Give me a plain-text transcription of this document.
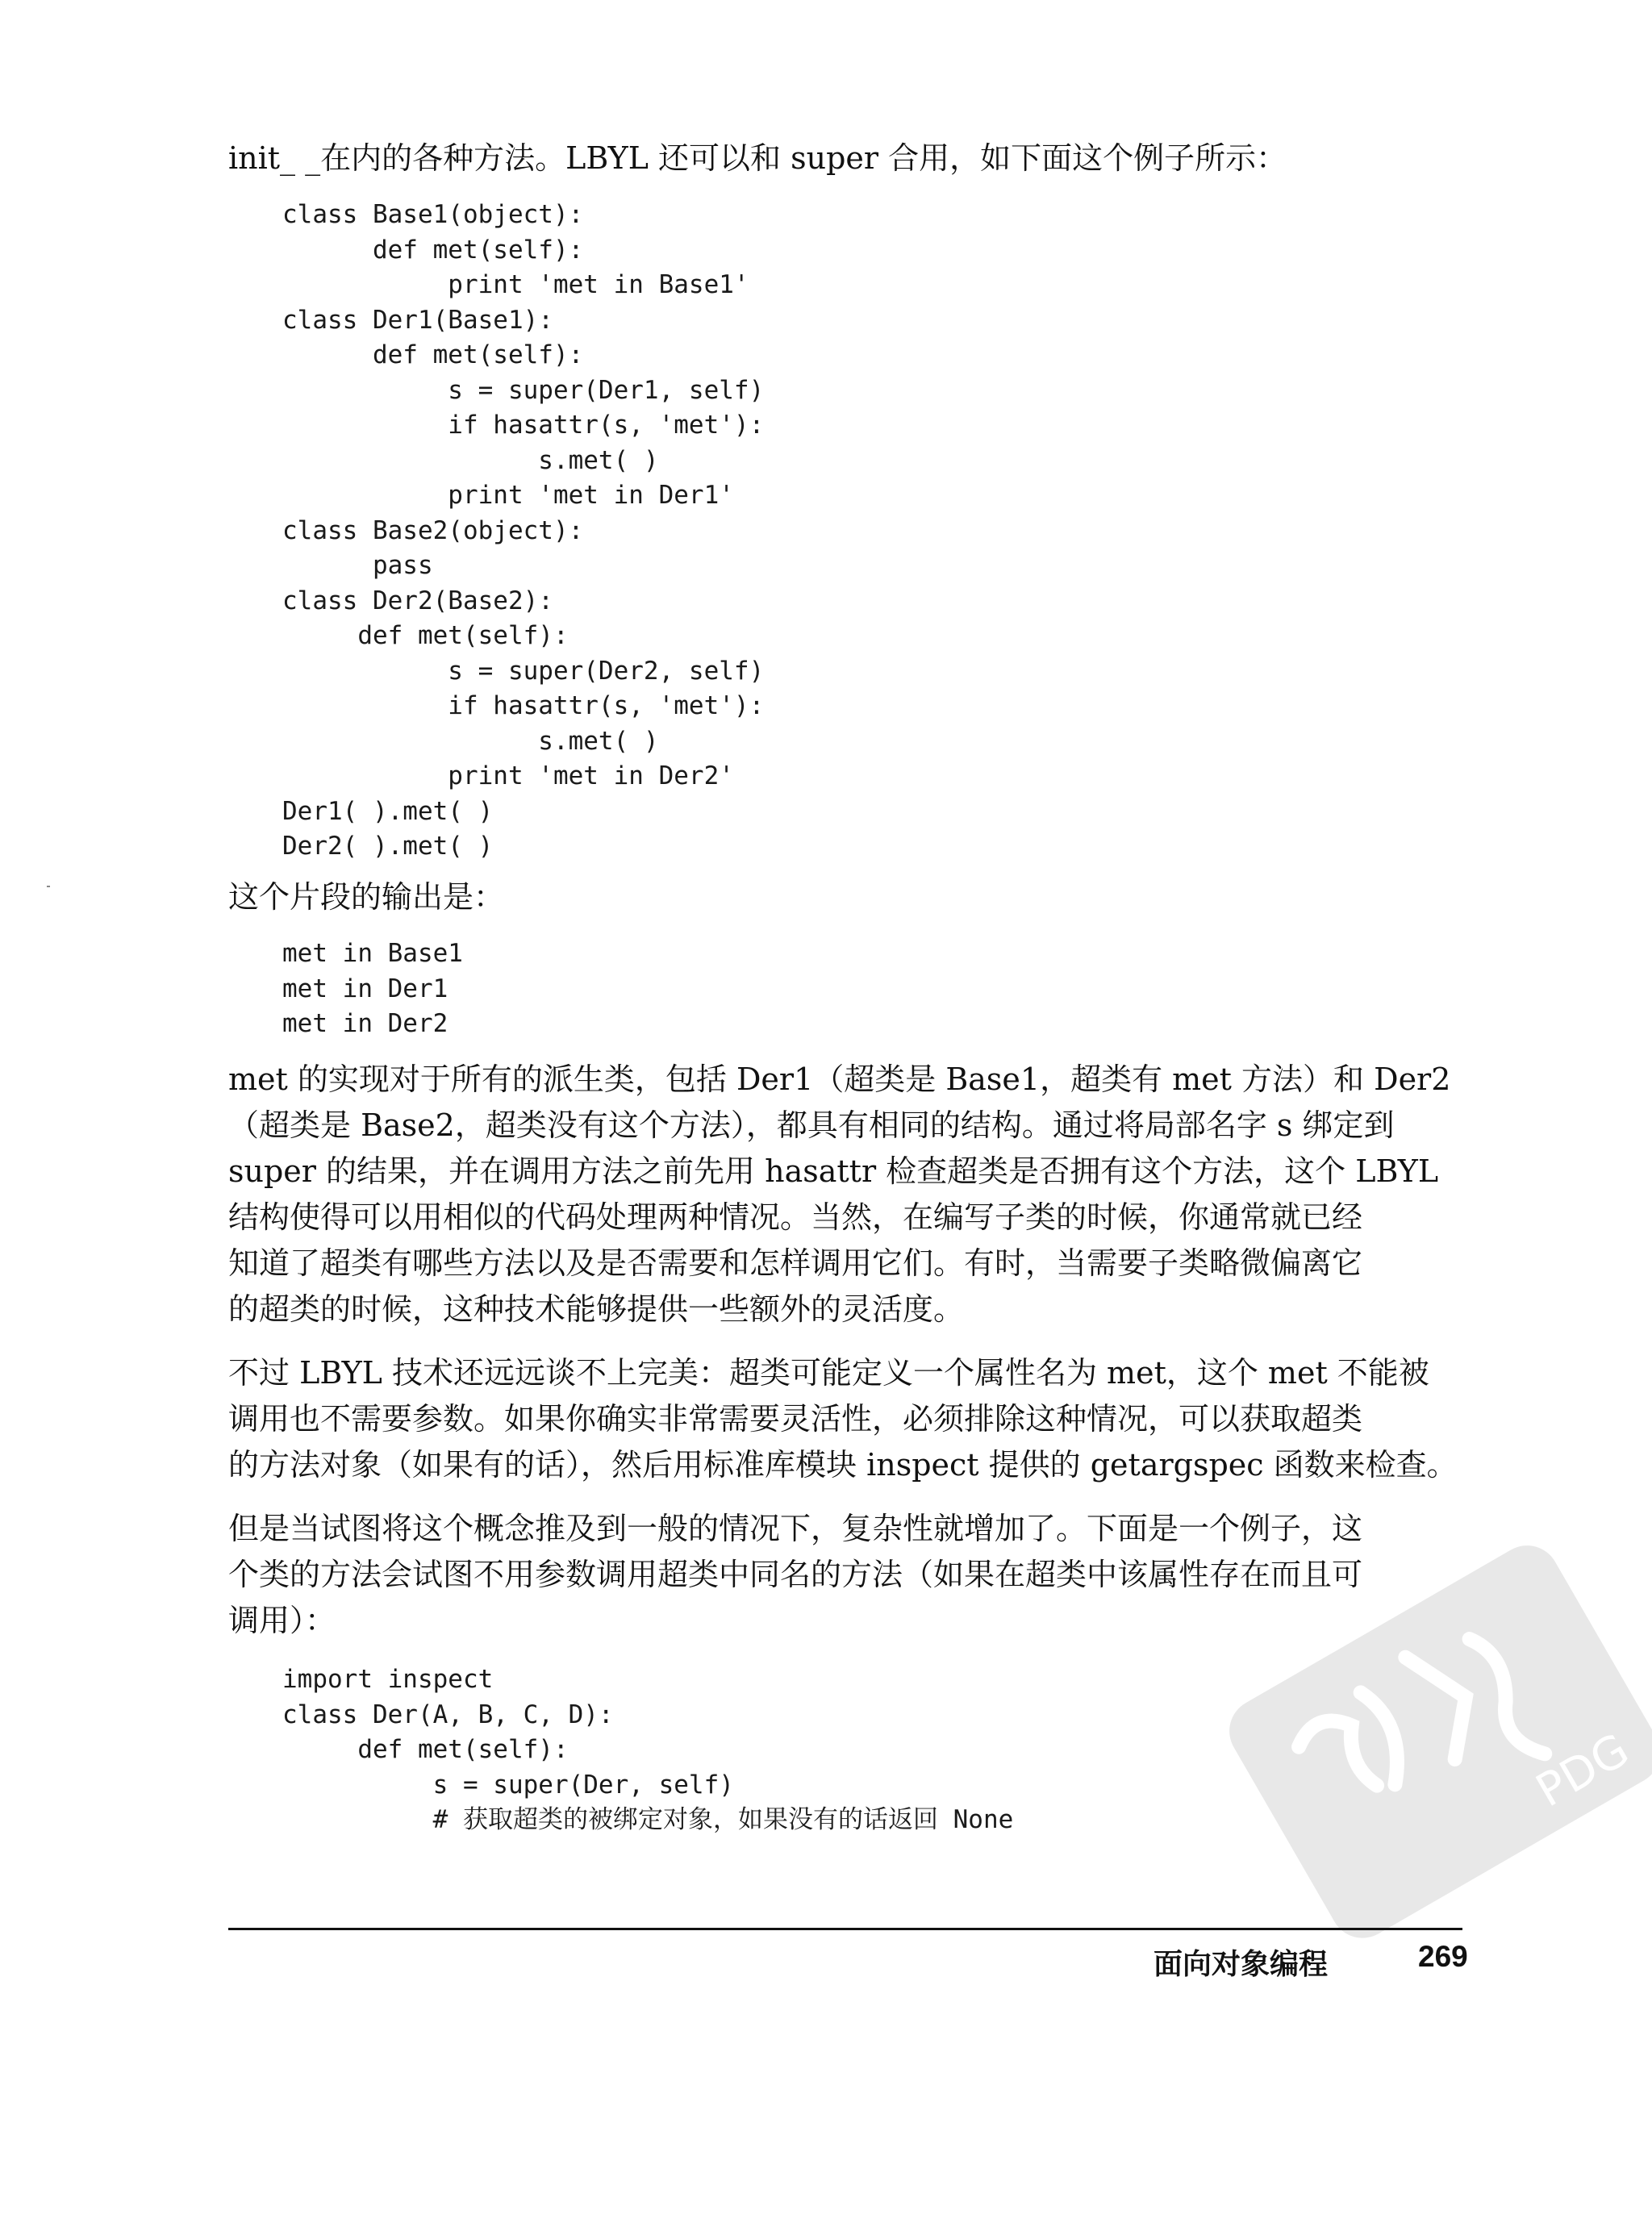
init_ _在内的各种方法。LBYL 还可以和 super 合用，如下面这个例子所示：

class Base1(object):
def met(self):
print 'met in Base1'
class Der1(Base1):
def met(self):
s = super(Der1, self)
if hasattr(s, 'met'):
s.met( )
print 'met in Der1'
class Base2(object):
pass
class Der2(Base2):
def met(self):
s = super(Der2, self)
if hasattr(s, 'met'):
s.met( )
print 'met in Der2'
Der1( ).met( )
Der2( ).met( )

这个片段的输出是：

met in Base1
met in Der1
met in Der2

met 的实现对于所有的派生类，包括 Der1（超类是 Base1，超类有 met 方法）和 Der2
（超类是 Base2，超类没有这个方法），都具有相同的结构。通过将局部名字 s 绑定到
super 的结果，并在调用方法之前先用 hasattr 检查超类是否拥有这个方法，这个 LBYL
结构使得可以用相似的代码处理两种情况。当然，在编写子类的时候，你通常就已经
知道了超类有哪些方法以及是否需要和怎样调用它们。有时，当需要子类略微偏离它
的超类的时候，这种技术能够提供一些额外的灵活度。

不过 LBYL 技术还远远谈不上完美：超类可能定义一个属性名为 met，这个 met 不能被
调用也不需要参数。如果你确实非常需要灵活性，必须排除这种情况，可以获取超类
的方法对象（如果有的话），然后用标准库模块 inspect 提供的 getargspec 函数来检查。

但是当试图将这个概念推及到一般的情况下，复杂性就增加了。下面是一个例子，这
个类的方法会试图不用参数调用超类中同名的方法（如果在超类中该属性存在而且可
调用）：

import inspect
class Der(A, B, C, D):
def met(self):
s = super(Der, self)
# 获取超类的被绑定对象，如果没有的话返回 None
PDG
面向对象编程	269
